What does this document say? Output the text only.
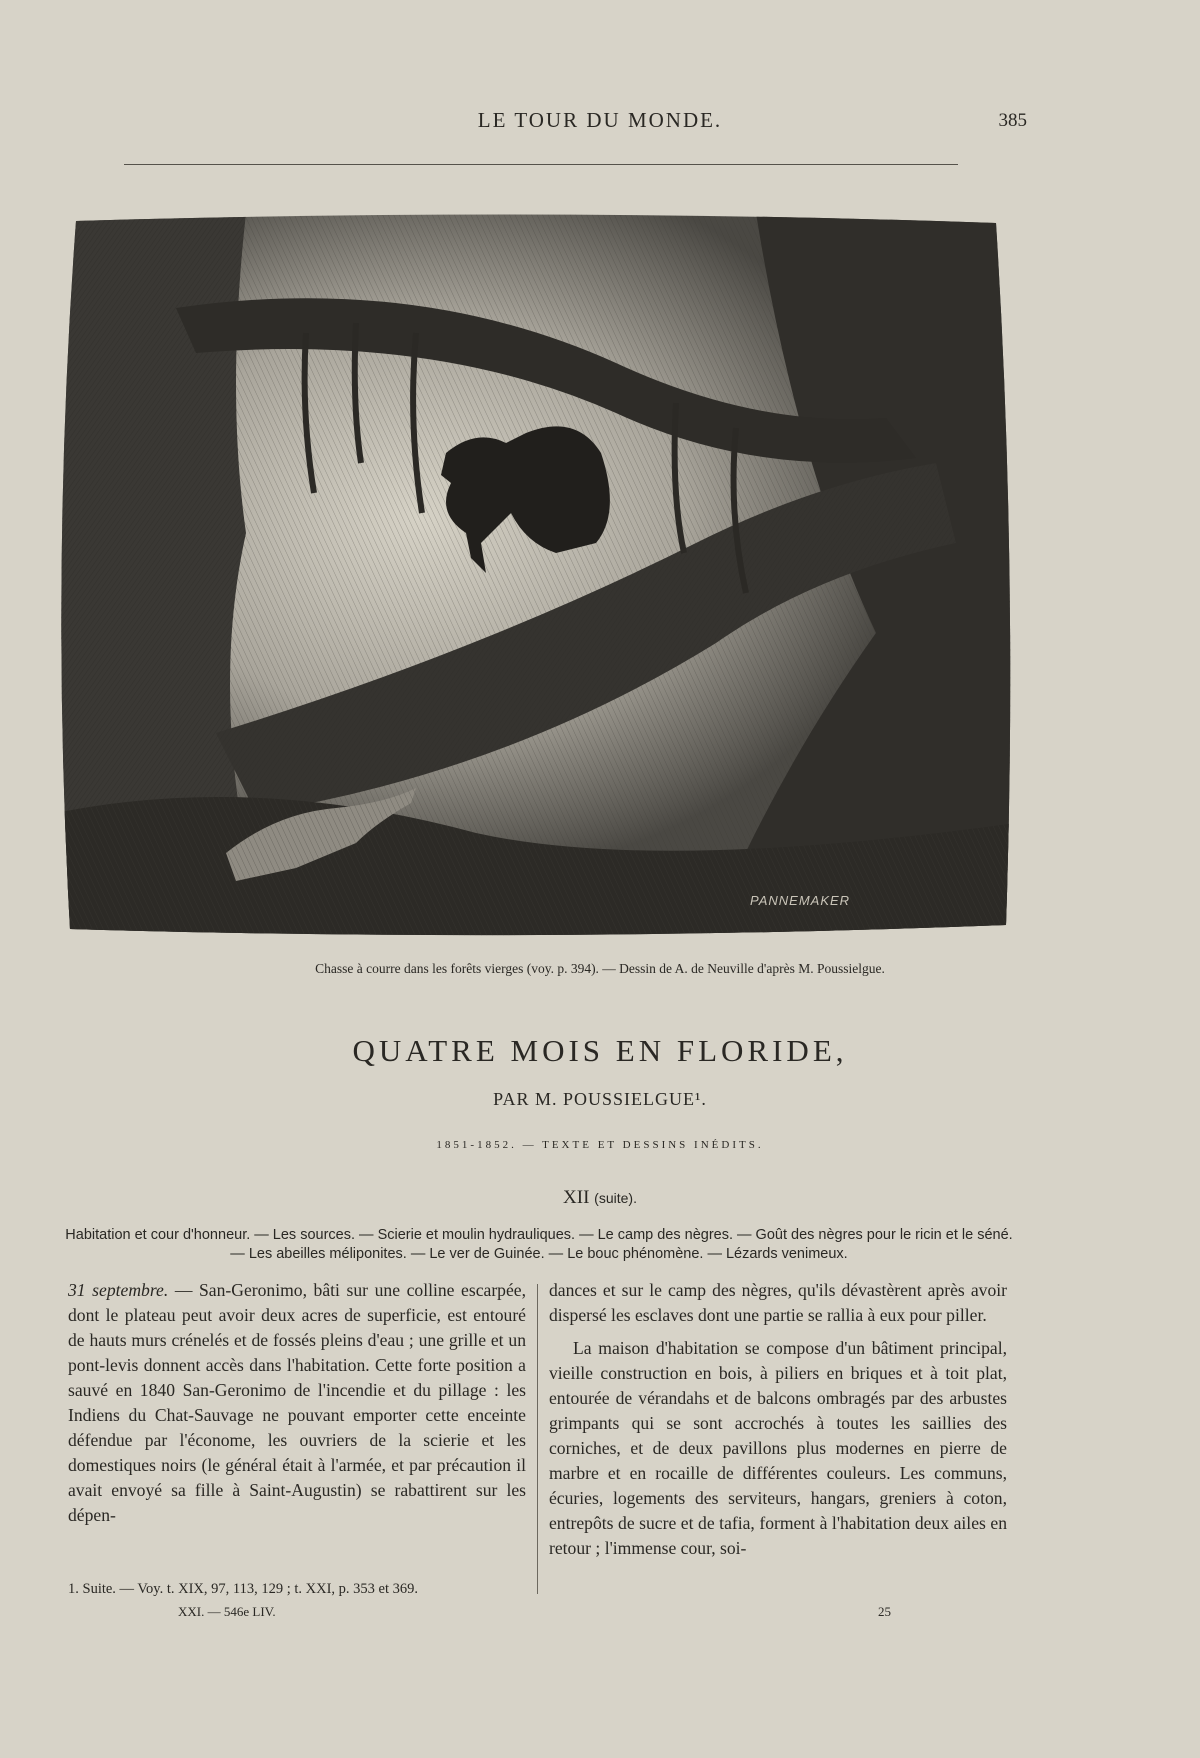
LE TOUR DU MONDE.	385
PANNEMAKER
Chasse à courre dans les forêts vierges (voy. p. 394). — Dessin de A. de Neuville d'après M. Poussielgue.
QUATRE MOIS EN FLORIDE,
PAR M. POUSSIELGUE¹.
1851-1852. — TEXTE ET DESSINS INÉDITS.
XII (suite).
Habitation et cour d'honneur. — Les sources. — Scierie et moulin hydrauliques. — Le camp des nègres. — Goût des nègres pour le ricin et le séné. — Les abeilles méliponites. — Le ver de Guinée. — Le bouc phénomène. — Lézards venimeux.

31 septembre. — San-Geronimo, bâti sur une colline escarpée, dont le plateau peut avoir deux acres de superficie, est entouré de hauts murs crénelés et de fossés pleins d'eau ; une grille et un pont-levis donnent accès dans l'habitation. Cette forte position a sauvé en 1840 San-Geronimo de l'incendie et du pillage : les Indiens du Chat-Sauvage ne pouvant emporter cette enceinte défendue par l'économe, les ouvriers de la scierie et les domestiques noirs (le général était à l'armée, et par précaution il avait envoyé sa fille à Saint-Augustin) se rabattirent sur les dépen-

dances et sur le camp des nègres, qu'ils dévastèrent après avoir dispersé les esclaves dont une partie se rallia à eux pour piller.

La maison d'habitation se compose d'un bâtiment principal, vieille construction en bois, à piliers en briques et à toit plat, entourée de vérandahs et de balcons ombragés par des arbustes grimpants qui se sont accrochés à toutes les saillies des corniches, et de deux pavillons plus modernes en pierre de marbre et en rocaille de différentes couleurs. Les communs, écuries, logements des serviteurs, hangars, greniers à coton, entrepôts de sucre et de tafia, forment à l'habitation deux ailes en retour ; l'immense cour, soi-

1. Suite. — Voy. t. XIX, 97, 113, 129 ; t. XXI, p. 353 et 369.
XXI. — 546e LIV.	25
